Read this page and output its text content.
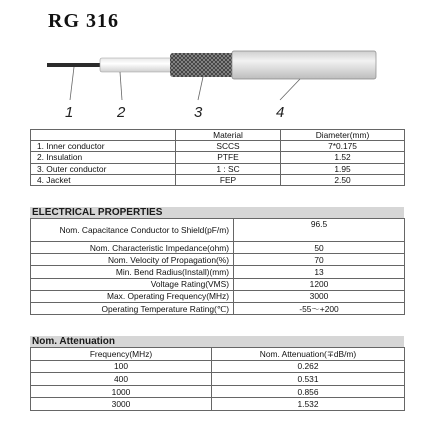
RG 316
1	2	3	4
	Material	Diameter(mm)
1. Inner conductor	SCCS	7*0.175
2. Insulation	PTFE	1.52
3. Outer conductor	1 : SC	1.95
4. Jacket	FEP	2.50
ELECTRICAL PROPERTIES
Nom. Capacitance Conductor to Shield(pF/m)	96.5
Nom. Characteristic Impedance(ohm)	50
Nom. Velocity of Propagation(%)	70
Min. Bend Radius(Install)(mm)	13
Voltage Rating(VMS)	1200
Max. Operating Frequency(MHz)	3000
Operating Temperature Rating(℃)	-55～+200
Nom. Attenuation
Frequency(MHz)	Nom. Attenuation(∓dB/m)
100	0.262
400	0.531
1000	0.856
3000	1.532
